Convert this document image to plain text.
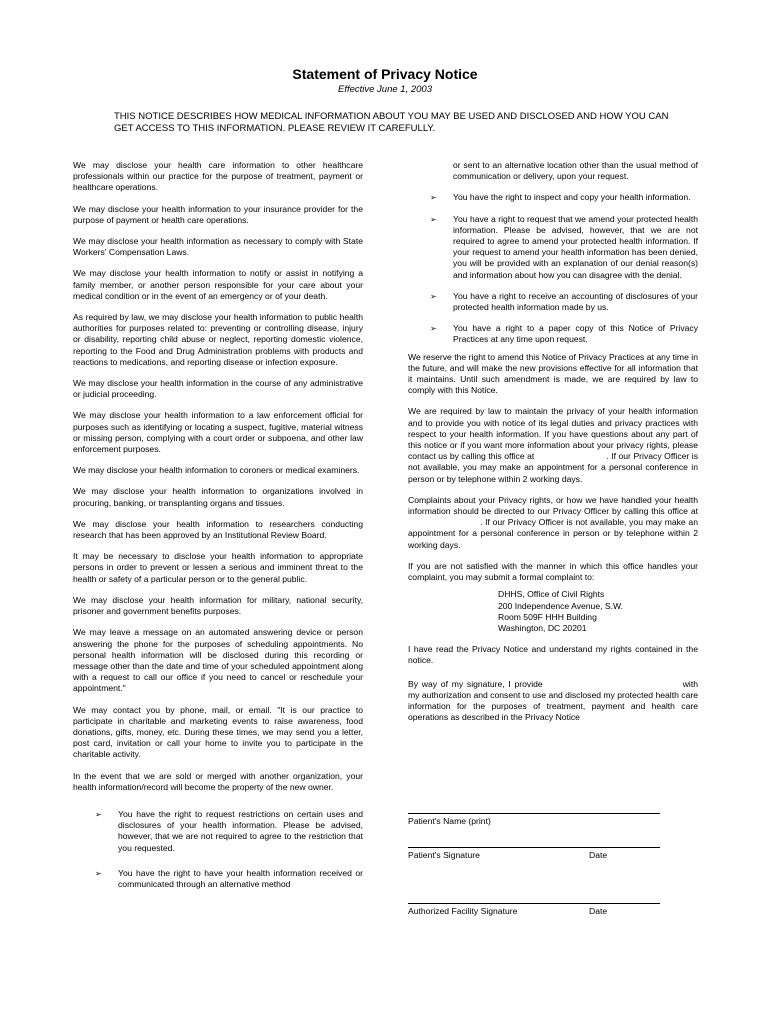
Statement of Privacy Notice
Effective June 1, 2003
THIS NOTICE DESCRIBES HOW MEDICAL INFORMATION ABOUT YOU MAY BE USED AND DISCLOSED AND HOW YOU CAN GET ACCESS TO THIS INFORMATION. PLEASE REVIEW IT CAREFULLY.

We may disclose your health care information to other healthcare professionals within our practice for the purpose of treatment, payment or healthcare operations.

We may disclose your health information to your insurance provider for the purpose of payment or health care operations.

We may disclose your health information as necessary to comply with State Workers' Compensation Laws.

We may disclose your health information to notify or assist in notifying a family member, or another person responsible for your care about your medical condition or in the event of an emergency or of your death.

As required by law, we may disclose your health information to public health authorities for purposes related to: preventing or controlling disease, injury or disability, reporting child abuse or neglect, reporting domestic violence, reporting to the Food and Drug Administration problems with products and reactions to medications, and reporting disease or infection exposure.

We may disclose your health information in the course of any administrative or judicial proceeding.

We may disclose your health information to a law enforcement official for purposes such as identifying or locating a suspect, fugitive, material witness or missing person, complying with a court order or subpoena, and other law enforcement purposes.

We may disclose your health information to coroners or medical examiners.

We may disclose your health information to organizations involved in procuring, banking, or transplanting organs and tissues.

We may disclose your health information to researchers conducting research that has been approved by an Institutional Review Board.

It may be necessary to disclose your health information to appropriate persons in order to prevent or lessen a serious and imminent threat to the health or safety of a particular person or to the general public.

We may disclose your health information for military, national security, prisoner and government benefits purposes.

We may leave a message on an automated answering device or person answering the phone for the purposes of scheduling appointments. No personal health information will be disclosed during this recording or message other than the date and time of your scheduled appointment along with a request to call our office if you need to cancel or reschedule your appointment."

We may contact you by phone, mail, or email. "It is our practice to participate in charitable and marketing events to raise awareness, food donations, gifts, money, etc. During these times, we may send you a letter, post card, invitation or call your home to invite you to participate in the charitable activity.

In the event that we are sold or merged with another organization, your health information/record will become the property of the new owner.

➢	You have the right to request restrictions on certain uses and disclosures of your health information. Please be advised, however, that we are not required to agree to the restriction that you requested.
➢	You have the right to have your health information received or communicated through an alternative method
or sent to an alternative location other than the usual method of communication or delivery, upon your request.
➢	You have the right to inspect and copy your health information.
➢	You have a right to request that we amend your protected health information. Please be advised, however, that we are not required to agree to amend your protected health information. If your request to amend your health information has been denied, you will be provided with an explanation of our denial reason(s) and information about how you can disagree with the denial.
➢	You have a right to receive an accounting of disclosures of your protected health information made by us.
➢	You have a right to a paper copy of this Notice of Privacy Practices at any time upon request.

We reserve the right to amend this Notice of Privacy Practices at any time in the future, and will make the new provisions effective for all information that it maintains. Until such amendment is made, we are required by law to comply with this Notice.

We are required by law to maintain the privacy of your health information and to provide you with notice of its legal duties and privacy practices with respect to your health information. If you have questions about any part of this notice or if you want more information about your privacy rights, please contact us by calling this office at	. If our Privacy Officer is not available, you may make an appointment for a personal conference in person or by telephone within 2 working days.

Complaints about your Privacy rights, or how we have handled your health information should be directed to our Privacy Officer by calling this office at. If our Privacy Officer is not available, you may make an appointment for a personal conference in person or by telephone within 2 working days.

If you are not satisfied with the manner in which this office handles your complaint, you may submit a formal complaint to:

DHHS, Office of Civil Rights
200 Independence Avenue, S.W.
Room 509F HHH Building
Washington, DC 20201

I have read the Privacy Notice and understand my rights contained in the notice.

By way of my signature, I provide	with my authorization and consent to use and disclosed my protected health care information for the purposes of treatment, payment and health care operations as described in the Privacy Notice

Patient's Name (print)
Patient's Signature	Date
Authorized Facility Signature	Date
